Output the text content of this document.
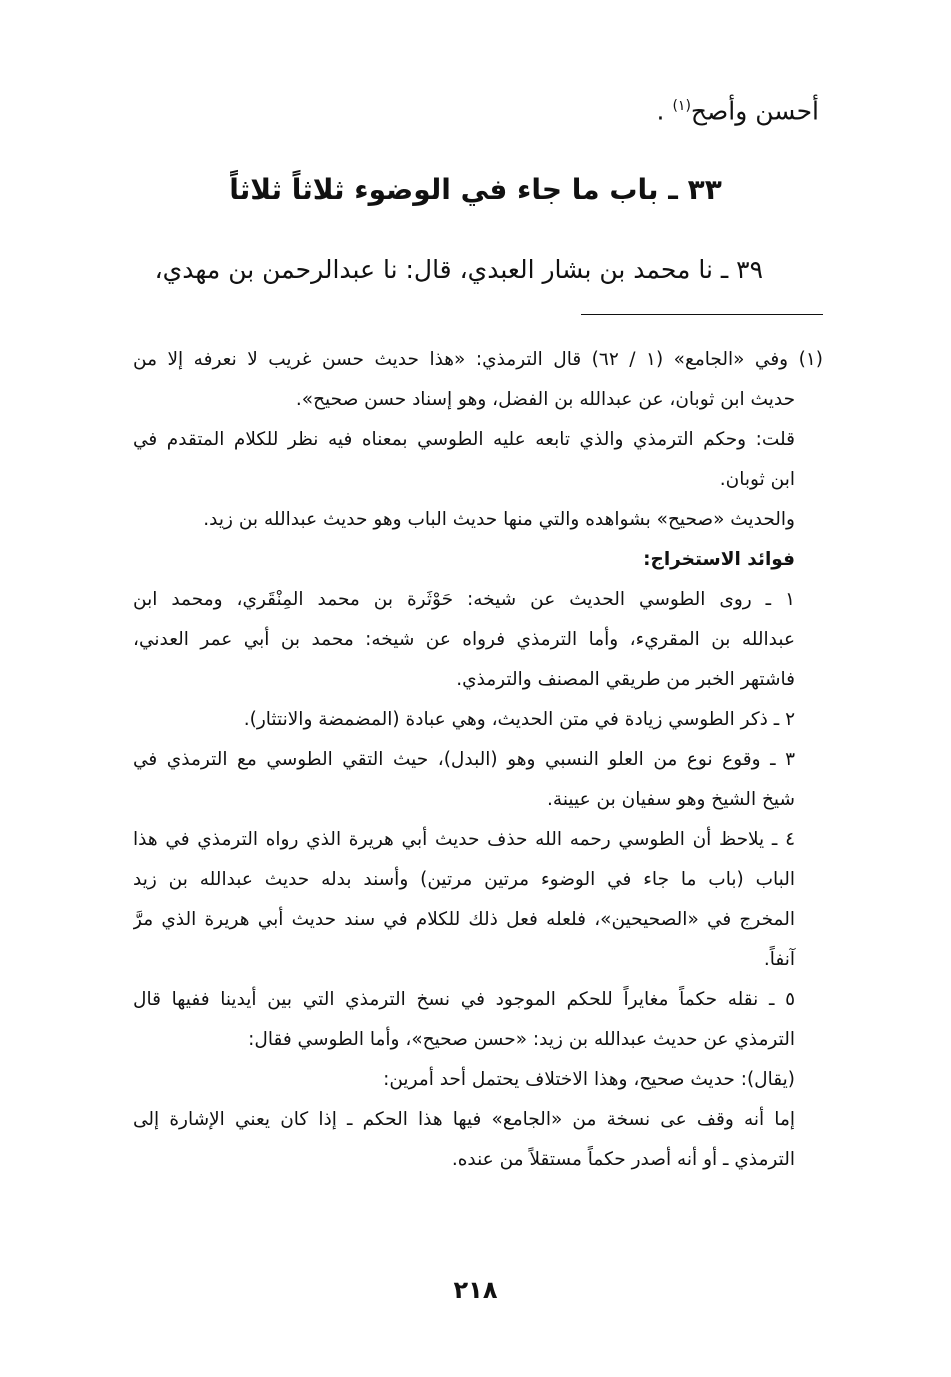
أحسن وأصح$^{(١)}$ .
٣٣ ـ باب ما جاء في الوضوء ثلاثاً ثلاثاً
٣٩ ـ نا محمد بن بشار العبدي، قال: نا عبدالرحمن بن مهدي،
(١) وفي «الجامع» (١ / ٦٢) قال الترمذي: «هذا حديث حسن غريب لا نعرفه إلا من
حديث ابن ثوبان، عن عبدالله بن الفضل، وهو إسناد حسن صحيح».
قلت: وحكم الترمذي والذي تابعه عليه الطوسي بمعناه فيه نظر للكلام المتقدم في
ابن ثوبان.
والحديث «صحيح» بشواهده والتي منها حديث الباب وهو حديث عبدالله بن زيد.
فوائد الاستخراج:
١ ـ روى الطوسي الحديث عن شيخه: حَوْثَرة بن محمد المِنْقَري، ومحمد ابن
عبدالله بن المقريء، وأما الترمذي فرواه عن شيخه: محمد بن أبي عمر العدني،
فاشتهر الخبر من طريقي المصنف والترمذي.
٢ ـ ذكر الطوسي زيادة في متن الحديث، وهي عبادة (المضمضة والانتثار).
٣ ـ وقوع نوع من العلو النسبي وهو (البدل)، حيث التقي الطوسي مع الترمذي في
شيخ الشيخ وهو سفيان بن عيينة.
٤ ـ يلاحظ أن الطوسي رحمه الله حذف حديث أبي هريرة الذي رواه الترمذي في هذا
الباب (باب ما جاء في الوضوء مرتين مرتين) وأسند بدله حديث عبدالله بن زيد
المخرج في «الصحيحين»، فلعله فعل ذلك للكلام في سند حديث أبي هريرة الذي مرَّ
آنفاً.
٥ ـ نقله حكماً مغايراً للحكم الموجود في نسخ الترمذي التي بين أيدينا ففيها قال
الترمذي عن حديث عبدالله بن زيد: «حسن صحيح»، وأما الطوسي فقال:
(يقال): حديث صحيح، وهذا الاختلاف يحتمل أحد أمرين:
إما أنه وقف عى نسخة من «الجامع» فيها هذا الحكم ـ إذا كان يعني الإشارة إلى
الترمذي ـ أو أنه أصدر حكماً مستقلاً من عنده.
٢١٨
